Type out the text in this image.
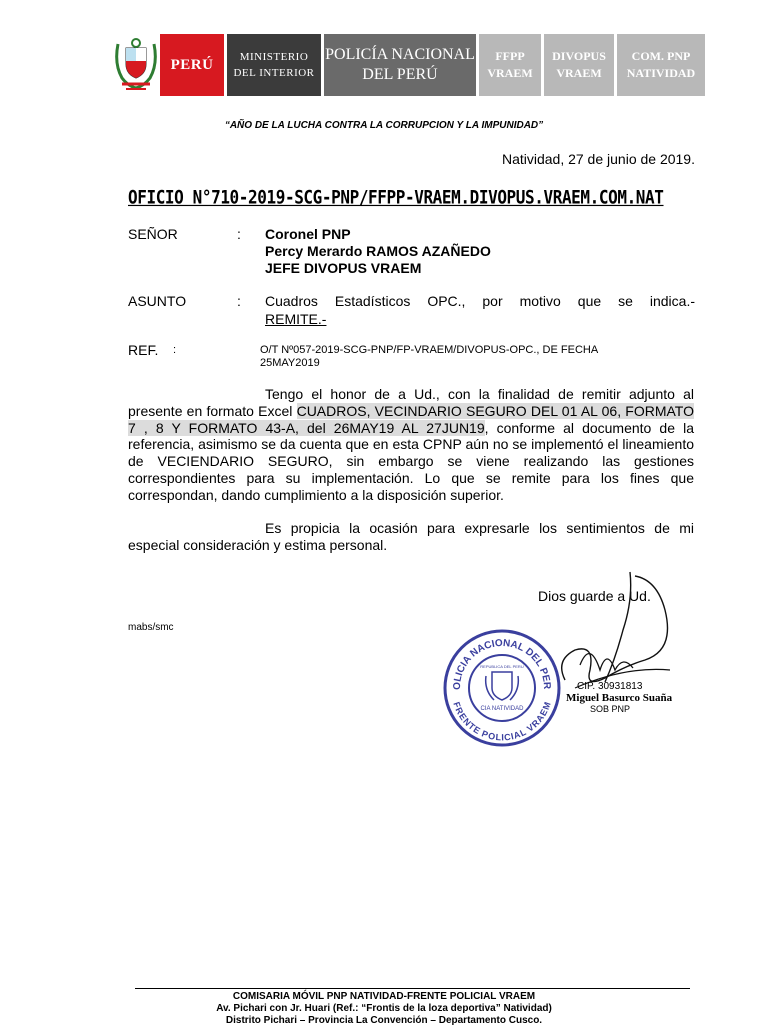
PERÚ MINISTERIO
DEL INTERIOR
POLICÍA NACIONAL
DEL PERÚ
FFPP
VRAEM
DIVOPUS
VRAEM
COM. PNP
NATIVIDAD
“AÑO DE LA LUCHA CONTRA LA CORRUPCION Y LA IMPUNIDAD”
Natividad, 27 de junio de 2019.
OFICIO N°710-2019-SCG-PNP/FFPP-VRAEM.DIVOPUS.VRAEM.COM.NAT
SEÑOR	: Coronel PNP
Percy Merardo RAMOS AZAÑEDO
JEFE DIVOPUS VRAEM
ASUNTO	: Cuadros Estadísticos OPC., por motivo que se indica.-
REMITE.-
REF. :	O/T Nº057-2019-SCG-PNP/FP-VRAEM/DIVOPUS-OPC., DE FECHA
25MAY2019
Tengo el honor de a Ud., con la finalidad de remitir adjunto al presente en formato Excel CUADROS, VECINDARIO SEGURO DEL 01 AL 06, FORMATO 7 , 8 Y FORMATO 43-A, del 26MAY19 AL 27JUN19, conforme al documento de la referencia, asimismo se da cuenta que en esta CPNP aún no se implementó el lineamiento de VECIENDARIO SEGURO, sin embargo se viene realizando las gestiones correspondientes para su implementación. Lo que se remite para los fines que correspondan, dando cumplimiento a la disposición superior.
Es propicia la ocasión para expresarle los sentimientos de mi especial consideración y estima personal.
Dios guarde a Ud.
mabs/smc
OLICIA NACIONAL DEL PER
FRENTE POLICIAL VRAEM
REPUBLICA DEL PERU
CIA NATIVIDAD
CIP. 30931813
Miguel Basurco Suaña
SOB PNP
COMISARIA MÓVIL PNP NATIVIDAD-FRENTE POLICIAL VRAEM
Av. Pichari con Jr. Huari (Ref.: “Frontis de la loza deportiva” Natividad)
Distrito Pichari – Provincia La Convención – Departamento Cusco.
